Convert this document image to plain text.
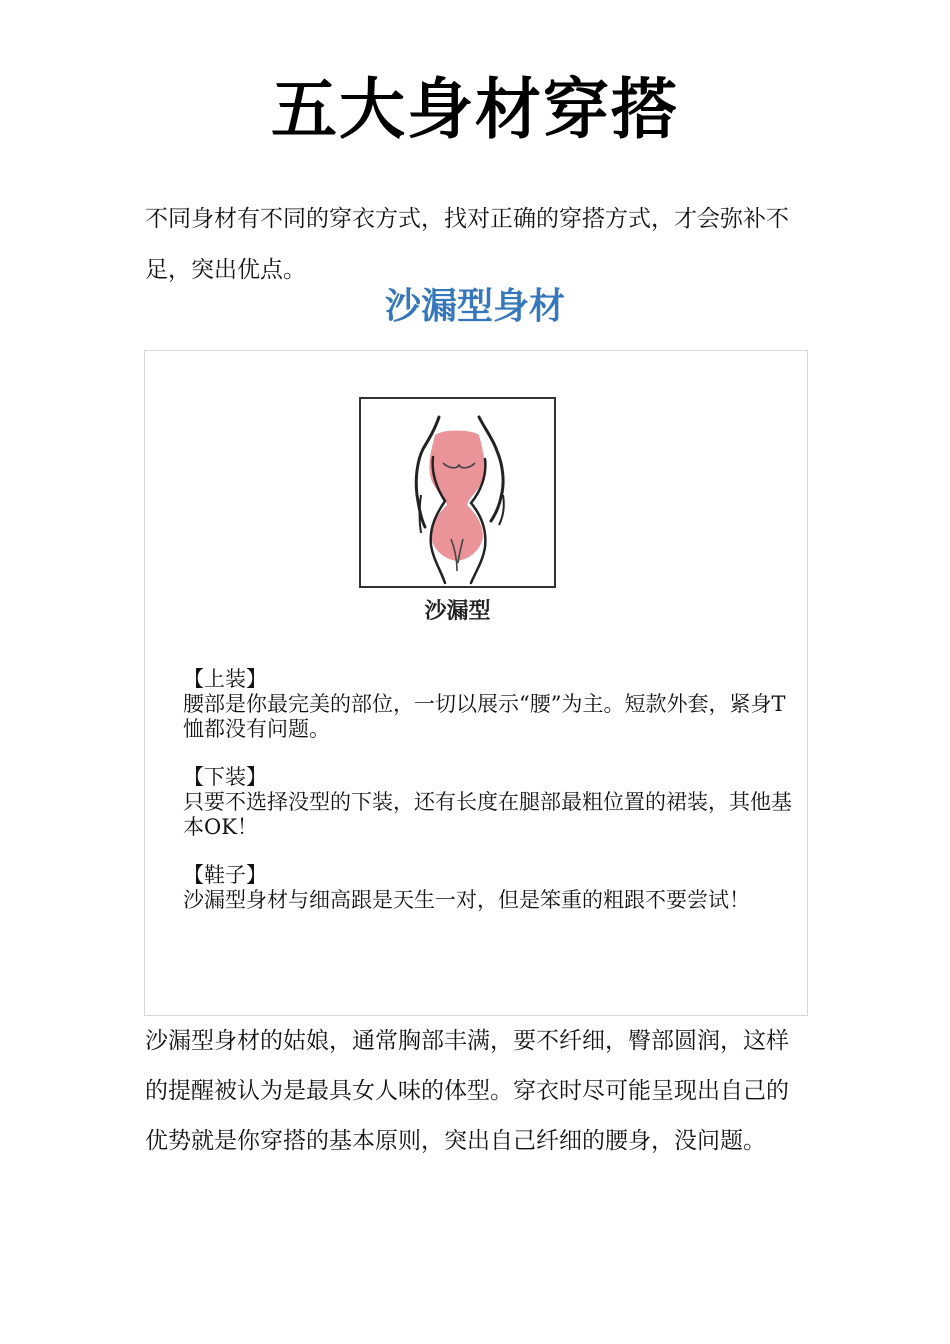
五大身材穿搭

不同身材有不同的穿衣方式，找对正确的穿搭方式，才会弥补不足，突出优点。

沙漏型身材
沙漏型
【上装】
腰部是你最完美的部位，一切以展示“腰”为主。短款外套，紧身T恤都没有问题。
【下装】
只要不选择没型的下装，还有长度在腿部最粗位置的裙装，其他基本OK！
【鞋子】
沙漏型身材与细高跟是天生一对，但是笨重的粗跟不要尝试！

沙漏型身材的姑娘，通常胸部丰满，要不纤细，臀部圆润，这样的提醒被认为是最具女人味的体型。穿衣时尽可能呈现出自己的优势就是你穿搭的基本原则，突出自己纤细的腰身，没问题。
